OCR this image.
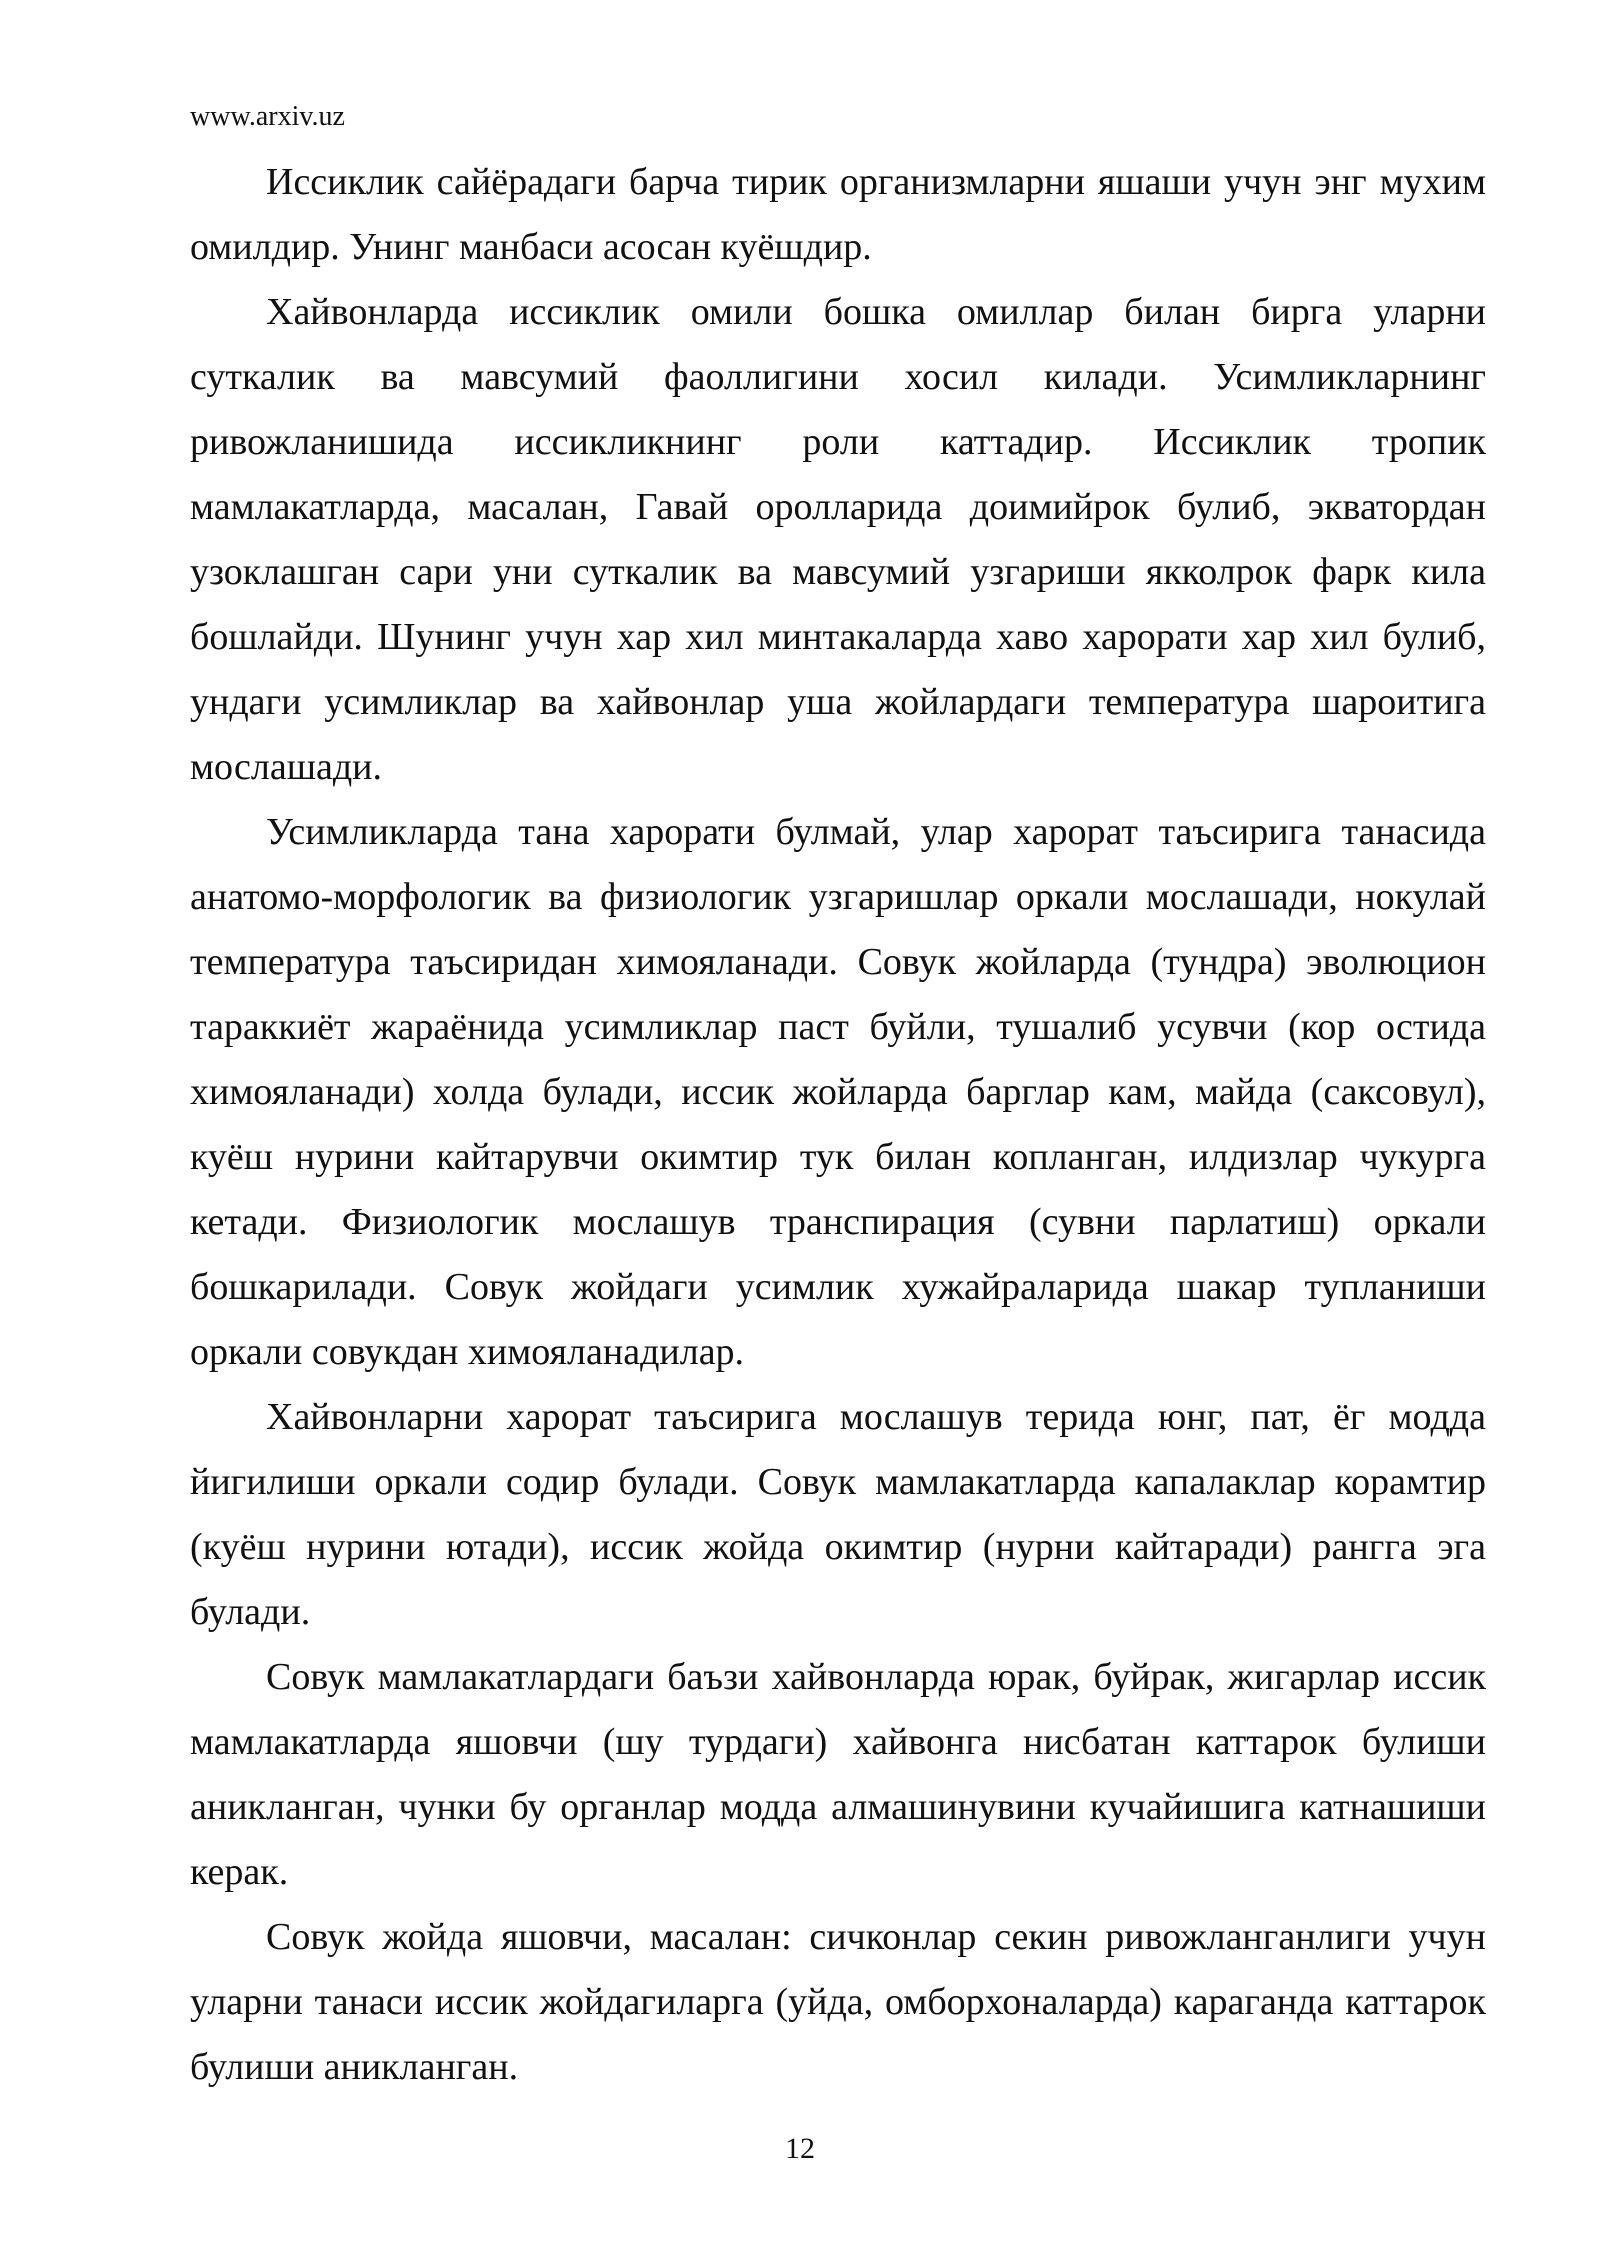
www.arxiv.uz

Иссиклик сайёрадаги барча тирик организмларни яшаши учун энг мухим омилдир. Унинг манбаси асосан куёшдир.

Хайвонларда иссиклик омили бошка омиллар билан бирга уларни суткалик ва мавсумий фаоллигини хосил килади. Усимликларнинг ривожланишида иссикликнинг роли каттадир. Иссиклик тропик мамлакатларда, масалан, Гавай оролларида доимийрок булиб, экватордан узоклашган сари уни суткалик ва мавсумий узгариши якколрок фарк кила бошлайди. Шунинг учун хар хил минтакаларда хаво харорати хар хил булиб, ундаги усимликлар ва хайвонлар уша жойлардаги температура шароитига мослашади.

Усимликларда тана харорати булмай, улар харорат таъсирига танасида анатомо-морфологик ва физиологик узгаришлар оркали мослашади, нокулай температура таъсиридан химояланади. Совук жойларда (тундра) эволюцион тараккиёт жараёнида усимликлар паст буйли, тушалиб усувчи (кор остида химояланади) холда булади, иссик жойларда барглар кам, майда (саксовул), куёш нурини кайтарувчи окимтир тук билан копланган, илдизлар чукурга кетади. Физиологик мослашув транспирация (сувни парлатиш) оркали бошкарилади. Совук жойдаги усимлик хужайраларида шакар тупланиши оркали совукдан химояланадилар.

Хайвонларни харорат таъсирига мослашув терида юнг, пат, ёг модда йигилиши оркали содир булади. Совук мамлакатларда капалаклар корамтир (куёш нурини ютади), иссик жойда окимтир (нурни кайтаради) рангга эга булади.

Совук мамлакатлардаги баъзи хайвонларда юрак, буйрак, жигарлар иссик мамлакатларда яшовчи (шу турдаги) хайвонга нисбатан каттарок булиши аникланган, чунки бу органлар модда алмашинувини кучайишига катнашиши керак.

Совук жойда яшовчи, масалан: сичконлар секин ривожланганлиги учун уларни танаси иссик жойдагиларга (уйда, омборхоналарда) караганда каттарок булиши аникланган.

12
